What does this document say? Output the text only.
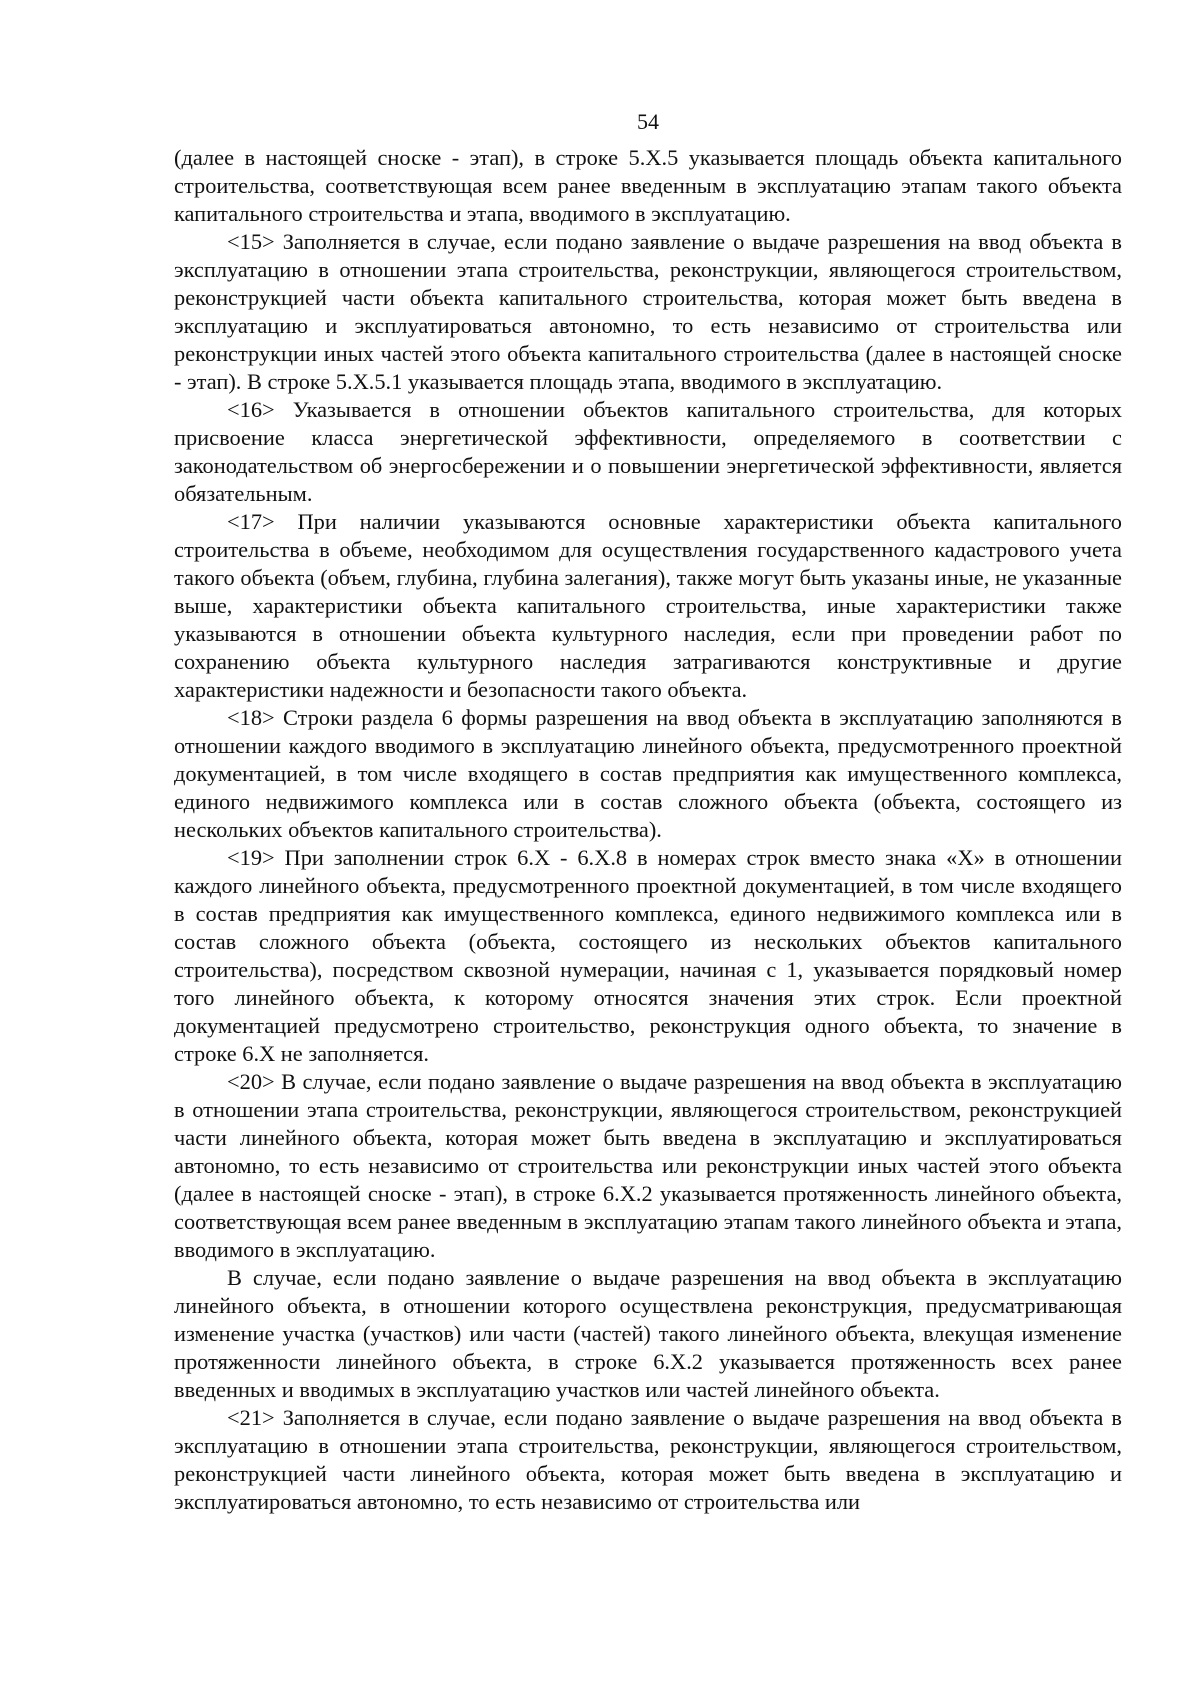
54

(далее в настоящей сноске - этап), в строке 5.X.5 указывается площадь объекта капитального строительства, соответствующая всем ранее введенным в эксплуатацию этапам такого объекта капитального строительства и этапа, вводимого в эксплуатацию.

<15> Заполняется в случае, если подано заявление о выдаче разрешения на ввод объекта в эксплуатацию в отношении этапа строительства, реконструкции, являющегося строительством, реконструкцией части объекта капитального строительства, которая может быть введена в эксплуатацию и эксплуатироваться автономно, то есть независимо от строительства или реконструкции иных частей этого объекта капитального строительства (далее в настоящей сноске - этап). В строке 5.X.5.1 указывается площадь этапа, вводимого в эксплуатацию.

<16> Указывается в отношении объектов капитального строительства, для которых присвоение класса энергетической эффективности, определяемого в соответствии с законодательством об энергосбережении и о повышении энергетической эффективности, является обязательным.

<17> При наличии указываются основные характеристики объекта капитального строительства в объеме, необходимом для осуществления государственного кадастрового учета такого объекта (объем, глубина, глубина залегания), также могут быть указаны иные, не указанные выше, характеристики объекта капитального строительства, иные характеристики также указываются в отношении объекта культурного наследия, если при проведении работ по сохранению объекта культурного наследия затрагиваются конструктивные и другие характеристики надежности и безопасности такого объекта.

<18> Строки раздела 6 формы разрешения на ввод объекта в эксплуатацию заполняются в отношении каждого вводимого в эксплуатацию линейного объекта, предусмотренного проектной документацией, в том числе входящего в состав предприятия как имущественного комплекса, единого недвижимого комплекса или в состав сложного объекта (объекта, состоящего из нескольких объектов капитального строительства).

<19> При заполнении строк 6.X - 6.X.8 в номерах строк вместо знака «X» в отношении каждого линейного объекта, предусмотренного проектной документацией, в том числе входящего в состав предприятия как имущественного комплекса, единого недвижимого комплекса или в состав сложного объекта (объекта, состоящего из нескольких объектов капитального строительства), посредством сквозной нумерации, начиная с 1, указывается порядковый номер того линейного объекта, к которому относятся значения этих строк. Если проектной документацией предусмотрено строительство, реконструкция одного объекта, то значение в строке 6.X не заполняется.

<20> В случае, если подано заявление о выдаче разрешения на ввод объекта в эксплуатацию в отношении этапа строительства, реконструкции, являющегося строительством, реконструкцией части линейного объекта, которая может быть введена в эксплуатацию и эксплуатироваться автономно, то есть независимо от строительства или реконструкции иных частей этого объекта (далее в настоящей сноске - этап), в строке 6.X.2 указывается протяженность линейного объекта, соответствующая всем ранее введенным в эксплуатацию этапам такого линейного объекта и этапа, вводимого в эксплуатацию.

В случае, если подано заявление о выдаче разрешения на ввод объекта в эксплуатацию линейного объекта, в отношении которого осуществлена реконструкция, предусматривающая изменение участка (участков) или части (частей) такого линейного объекта, влекущая изменение протяженности линейного объекта, в строке 6.X.2 указывается протяженность всех ранее введенных и вводимых в эксплуатацию участков или частей линейного объекта.

<21> Заполняется в случае, если подано заявление о выдаче разрешения на ввод объекта в эксплуатацию в отношении этапа строительства, реконструкции, являющегося строительством, реконструкцией части линейного объекта, которая может быть введена в эксплуатацию и эксплуатироваться автономно, то есть независимо от строительства или
